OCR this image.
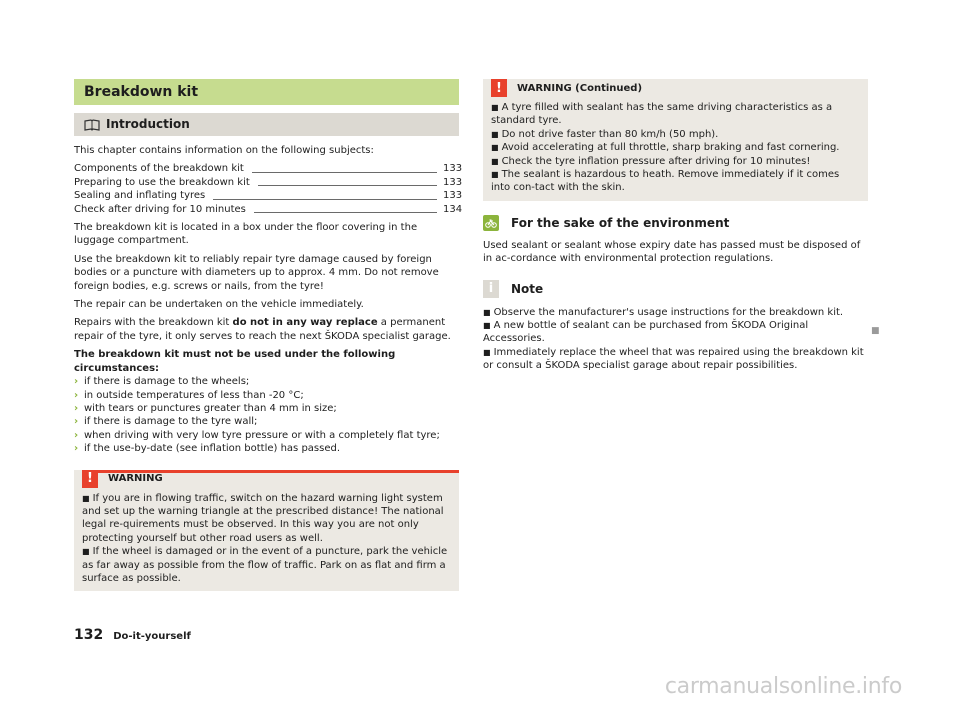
Breakdown kit
Introduction

This chapter contains information on the following subjects:

Components of the breakdown kit	133
Preparing to use the breakdown kit	133
Sealing and inflating tyres	133
Check after driving for 10 minutes	134

The breakdown kit is located in a box under the floor covering in the luggage compartment.

Use the breakdown kit to reliably repair tyre damage caused by foreign bodies or a puncture with diameters up to approx. 4 mm. Do not remove foreign bodies, e.g. screws or nails, from the tyre!

The repair can be undertaken on the vehicle immediately.

Repairs with the breakdown kit do not in any way replace a permanent repair of the tyre, it only serves to reach the next ŠKODA specialist garage.

The breakdown kit must not be used under the following circumstances:
› if there is damage to the wheels;
› in outside temperatures of less than -20 °C;
› with tears or punctures greater than 4 mm in size;
› if there is damage to the tyre wall;
› when driving with very low tyre pressure or with a completely flat tyre;
› if the use-by-date (see inflation bottle) has passed.
!	WARNING
■ If you are in flowing traffic, switch on the hazard warning light system and set up the warning triangle at the prescribed distance! The national legal re-quirements must be observed. In this way you are not only protecting yourself but other road users as well.
■ If the wheel is damaged or in the event of a puncture, park the vehicle as far away as possible from the flow of traffic. Park on as flat and firm a surface as possible.
!	WARNING (Continued)
■ A tyre filled with sealant has the same driving characteristics as a standard tyre.
■ Do not drive faster than 80 km/h (50 mph).
■ Avoid accelerating at full throttle, sharp braking and fast cornering.
■ Check the tyre inflation pressure after driving for 10 minutes!
■ The sealant is hazardous to heath. Remove immediately if it comes into con-tact with the skin.
For the sake of the environment

Used sealant or sealant whose expiry date has passed must be disposed of in ac-cordance with environmental protection regulations.

i	Note
■ Observe the manufacturer's usage instructions for the breakdown kit.
■ A new bottle of sealant can be purchased from ŠKODA Original Accessories.
■ Immediately replace the wheel that was repaired using the breakdown kit or consult a ŠKODA specialist garage about repair possibilities.
■
132 Do-it-yourself
carmanualsonline.info
